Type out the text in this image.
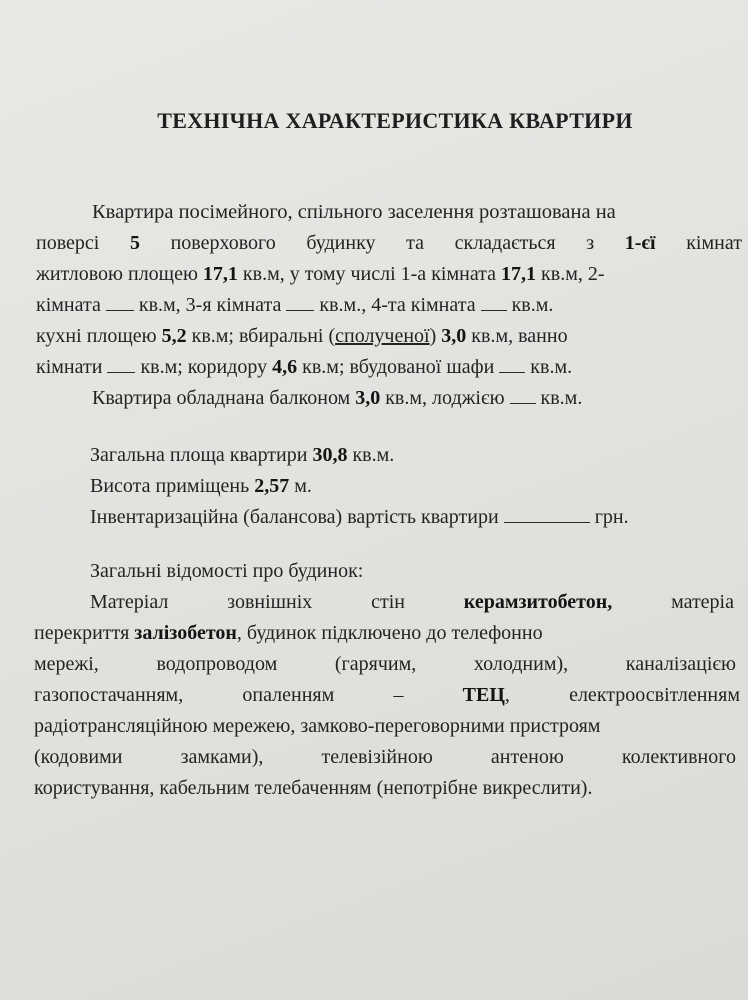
ТЕХНІЧНА ХАРАКТЕРИСТИКА КВАРТИРИ
Квартира посімейного, спільного заселення розташована на
поверсі 5 поверхового будинку та складається з 1-єї кімнат
житловою площею 17,1 кв.м, у тому числі 1-а кімната 17,1 кв.м, 2-
кімната  кв.м, 3-я кімната  кв.м., 4-та кімната  кв.м.
кухні площею 5,2 кв.м; вбиральні (сполученої) 3,0 кв.м, ванно
кімнати  кв.м; коридору 4,6 кв.м; вбудованої шафи  кв.м.
Квартира обладнана балконом 3,0 кв.м, лоджією  кв.м.
Загальна площа квартири 30,8 кв.м.
Висота приміщень 2,57 м.
Інвентаризаційна (балансова) вартість квартири	грн.
Загальні відомості про будинок:
Матеріал	зовнішніх	стін	керамзитобетон,	матеріа
перекриття залізобетон, будинок підключено до телефонно
мережі,	водопроводом	(гарячим,	холодним),	каналізацією
газопостачанням,	опаленням	–	ТЕЦ,	електроосвітленням
радіотрансляційною мережею, замково-переговорними пристроям
(кодовими	замками),	телевізійною	антеною	колективного
користування, кабельним телебаченням (непотрібне викреслити).
